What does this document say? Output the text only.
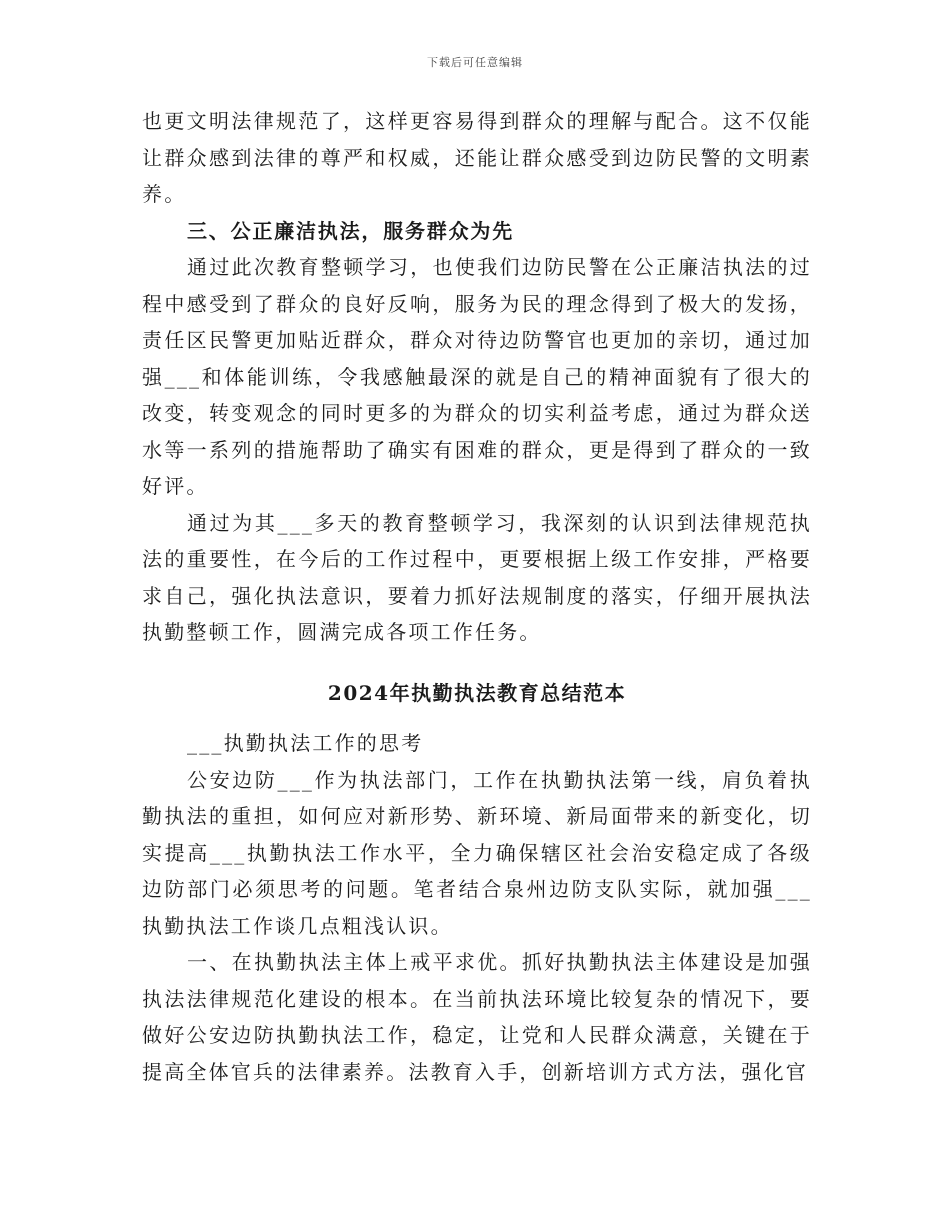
下载后可任意编辑

也更文明法律规范了，这样更容易得到群众的理解与配合。这不仅能让群众感到法律的尊严和权威，还能让群众感受到边防民警的文明素养。

三、公正廉洁执法，服务群众为先

通过此次教育整顿学习，也使我们边防民警在公正廉洁执法的过程中感受到了群众的良好反响，服务为民的理念得到了极大的发扬，责任区民警更加贴近群众，群众对待边防警官也更加的亲切，通过加强___和体能训练，令我感触最深的就是自己的精神面貌有了很大的改变，转变观念的同时更多的为群众的切实利益考虑，通过为群众送水等一系列的措施帮助了确实有困难的群众，更是得到了群众的一致好评。

通过为其___多天的教育整顿学习，我深刻的认识到法律规范执法的重要性，在今后的工作过程中，更要根据上级工作安排，严格要求自己，强化执法意识，要着力抓好法规制度的落实，仔细开展执法执勤整顿工作，圆满完成各项工作任务。

2024年执勤执法教育总结范本

___执勤执法工作的思考

公安边防___作为执法部门，工作在执勤执法第一线，肩负着执勤执法的重担，如何应对新形势、新环境、新局面带来的新变化，切实提高___执勤执法工作水平，全力确保辖区社会治安稳定成了各级边防部门必须思考的问题。笔者结合泉州边防支队实际，就加强___执勤执法工作谈几点粗浅认识。

一、在执勤执法主体上戒平求优。抓好执勤执法主体建设是加强执法法律规范化建设的根本。在当前执法环境比较复杂的情况下，要做好公安边防执勤执法工作，稳定，让党和人民群众满意，关键在于提高全体官兵的法律素养。法教育入手，创新培训方式方法，强化官
